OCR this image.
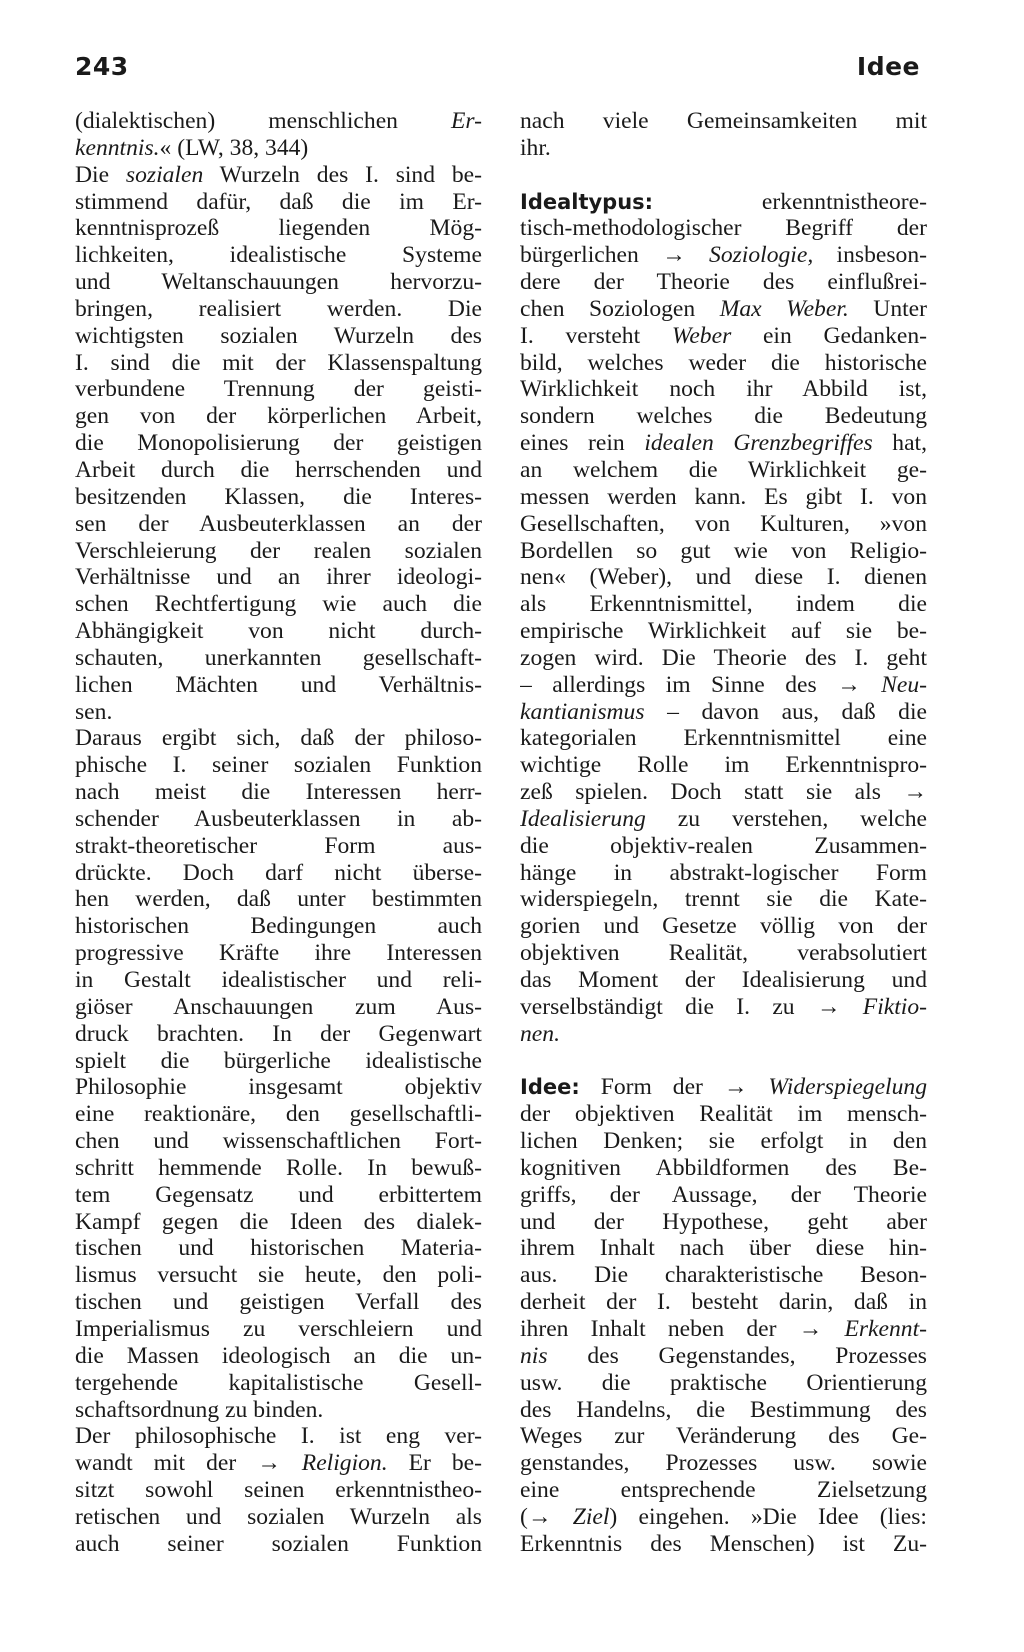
243	Idee
(dialektischen) menschlichen Er-
kenntnis.« (LW, 38, 344)
Die sozialen Wurzeln des I. sind be-
stimmend dafür, daß die im Er-
kenntnisprozeß liegenden Mög-
lichkeiten, idealistische Systeme
und Weltanschauungen hervorzu-
bringen, realisiert werden. Die
wichtigsten sozialen Wurzeln des
I. sind die mit der Klassenspaltung
verbundene Trennung der geisti-
gen von der körperlichen Arbeit,
die Monopolisierung der geistigen
Arbeit durch die herrschenden und
besitzenden Klassen, die Interes-
sen der Ausbeuterklassen an der
Verschleierung der realen sozialen
Verhältnisse und an ihrer ideologi-
schen Rechtfertigung wie auch die
Abhängigkeit von nicht durch-
schauten, unerkannten gesellschaft-
lichen Mächten und Verhältnis-
sen.
Daraus ergibt sich, daß der philoso-
phische I. seiner sozialen Funktion
nach meist die Interessen herr-
schender Ausbeuterklassen in ab-
strakt-theoretischer Form aus-
drückte. Doch darf nicht überse-
hen werden, daß unter bestimmten
historischen Bedingungen auch
progressive Kräfte ihre Interessen
in Gestalt idealistischer und reli-
giöser Anschauungen zum Aus-
druck brachten. In der Gegenwart
spielt die bürgerliche idealistische
Philosophie insgesamt objektiv
eine reaktionäre, den gesellschaftli-
chen und wissenschaftlichen Fort-
schritt hemmende Rolle. In bewuß-
tem Gegensatz und erbittertem
Kampf gegen die Ideen des dialek-
tischen und historischen Materia-
lismus versucht sie heute, den poli-
tischen und geistigen Verfall des
Imperialismus zu verschleiern und
die Massen ideologisch an die un-
tergehende kapitalistische Gesell-
schaftsordnung zu binden.
Der philosophische I. ist eng ver-
wandt mit der → Religion. Er be-
sitzt sowohl seinen erkenntnistheo-
retischen und sozialen Wurzeln als
auch seiner sozialen Funktion
nach viele Gemeinsamkeiten mit
ihr.
Idealtypus: erkenntnistheore-
tisch-methodologischer Begriff der
bürgerlichen → Soziologie, insbeson-
dere der Theorie des einflußrei-
chen Soziologen Max Weber. Unter
I. versteht Weber ein Gedanken-
bild, welches weder die historische
Wirklichkeit noch ihr Abbild ist,
sondern welches die Bedeutung
eines rein idealen Grenzbegriffes hat,
an welchem die Wirklichkeit ge-
messen werden kann. Es gibt I. von
Gesellschaften, von Kulturen, »von
Bordellen so gut wie von Religio-
nen« (Weber), und diese I. dienen
als Erkenntnismittel, indem die
empirische Wirklichkeit auf sie be-
zogen wird. Die Theorie des I. geht
– allerdings im Sinne des → Neu-
kantianismus – davon aus, daß die
kategorialen Erkenntnismittel eine
wichtige Rolle im Erkenntnispro-
zeß spielen. Doch statt sie als →
Idealisierung zu verstehen, welche
die objektiv-realen Zusammen-
hänge in abstrakt-logischer Form
widerspiegeln, trennt sie die Kate-
gorien und Gesetze völlig von der
objektiven Realität, verabsolutiert
das Moment der Idealisierung und
verselbständigt die I. zu → Fiktio-
nen.
Idee: Form der → Widerspiegelung
der objektiven Realität im mensch-
lichen Denken; sie erfolgt in den
kognitiven Abbildformen des Be-
griffs, der Aussage, der Theorie
und der Hypothese, geht aber
ihrem Inhalt nach über diese hin-
aus. Die charakteristische Beson-
derheit der I. besteht darin, daß in
ihren Inhalt neben der → Erkennt-
nis des Gegenstandes, Prozesses
usw. die praktische Orientierung
des Handelns, die Bestimmung des
Weges zur Veränderung des Ge-
genstandes, Prozesses usw. sowie
eine entsprechende Zielsetzung
(→ Ziel) eingehen. »Die Idee (lies:
Erkenntnis des Menschen) ist Zu-
